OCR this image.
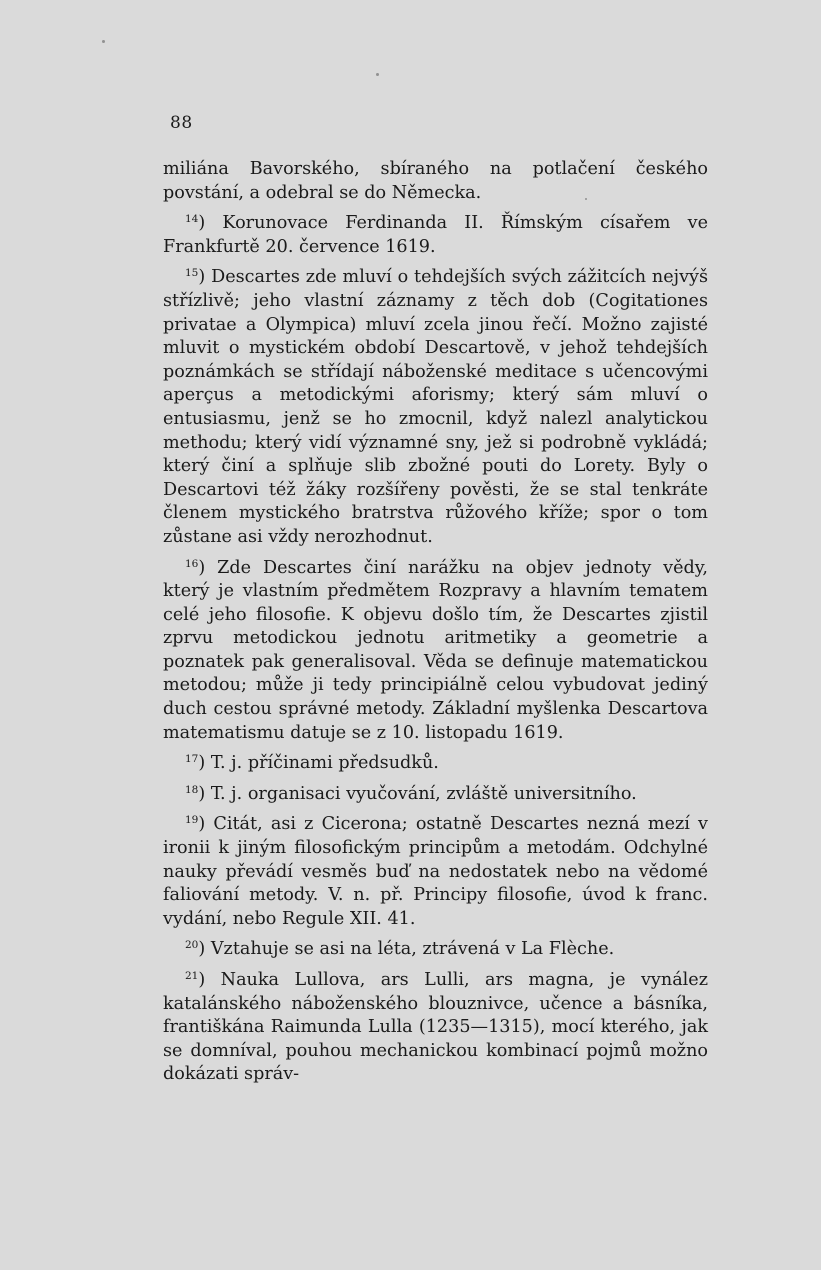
88

miliána Bavorského, sbíraného na potlačení českého povstání, a odebral se do Německa.

$^{14}$) Korunovace Ferdinanda II. Římským císařem ve Frankfurtě 20. července 1619.

$^{15}$) Descartes zde mluví o tehdejších svých zážitcích nejvýš střízlivě; jeho vlastní záznamy z těch dob (Cogitationes privatae a Olympica) mluví zcela jinou řečí. Možno zajisté mluvit o mystickém období Descartově, v jehož tehdejších poznámkách se střídají náboženské meditace s učencovými aperçus a metodickými aforismy; který sám mluví o entusiasmu, jenž se ho zmocnil, když nalezl analytickou methodu; který vidí významné sny, jež si podrobně vykládá; který činí a splňuje slib zbožné pouti do Lorety. Byly o Descartovi též žáky rozšířeny pověsti, že se stal tenkráte členem mystického bratrstva růžového kříže; spor o tom zůstane asi vždy nerozhodnut.

$^{16}$) Zde Descartes činí narážku na objev jednoty vědy, který je vlastním předmětem Rozpravy a hlavním tematem celé jeho filosofie. K objevu došlo tím, že Descartes zjistil zprvu metodickou jednotu aritmetiky a geometrie a poznatek pak generalisoval. Věda se definuje matematickou metodou; může ji tedy principiálně celou vybudovat jediný duch cestou správné metody. Základní myšlenka Descartova matematismu datuje se z 10. listopadu 1619.

$^{17}$) T. j. příčinami předsudků.

$^{18}$) T. j. organisaci vyučování, zvláště universitního.

$^{19}$) Citát, asi z Cicerona; ostatně Descartes nezná mezí v ironii k jiným filosofickým principům a metodám. Odchylné nauky převádí vesměs buď na nedostatek nebo na vědomé faliování metody. V. n. př. Principy filosofie, úvod k franc. vydání, nebo Regule XII. 41.

$^{20}$) Vztahuje se asi na léta, ztrávená v La Flèche.

$^{21}$) Nauka Lullova, ars Lulli, ars magna, je vynález katalánského náboženského blouznivce, učence a básníka, františkána Raimunda Lulla (1235—1315), mocí kterého, jak se domníval, pouhou mechanickou kombinací pojmů možno dokázati správ-
